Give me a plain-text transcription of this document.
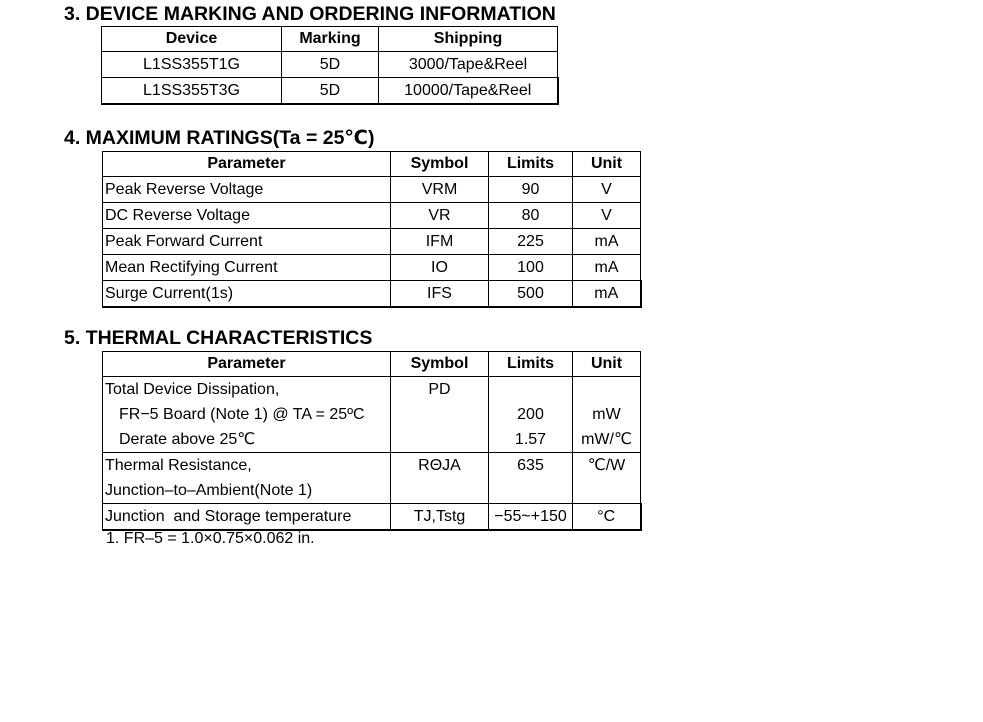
3. DEVICE MARKING AND ORDERING INFORMATION
Device	Marking	Shipping
L1SS355T1G	5D	3000/Tape&Reel
L1SS355T3G	5D	10000/Tape&Reel
4. MAXIMUM RATINGS(Ta = 25℃)
Parameter	Symbol	Limits	Unit
Peak Reverse Voltage	VRM	90	V
DC Reverse Voltage	VR	80	V
Peak Forward Current	IFM	225	mA
Mean Rectifying Current	IO	100	mA
Surge Current(1s)	IFS	500	mA
5. THERMAL CHARACTERISTICS
Parameter	Symbol	Limits	Unit
Total Device Dissipation,	PD		
FR−5 Board (Note 1) @ TA = 25ºC		200	mW
Derate above 25℃		1.57	mW/℃
Thermal Resistance,	RΘJA	635	℃/W
Junction–to–Ambient(Note 1)			
Junction  and Storage temperature	TJ,Tstg	−55~+150	°C

1. FR–5 = 1.0×0.75×0.062 in.
